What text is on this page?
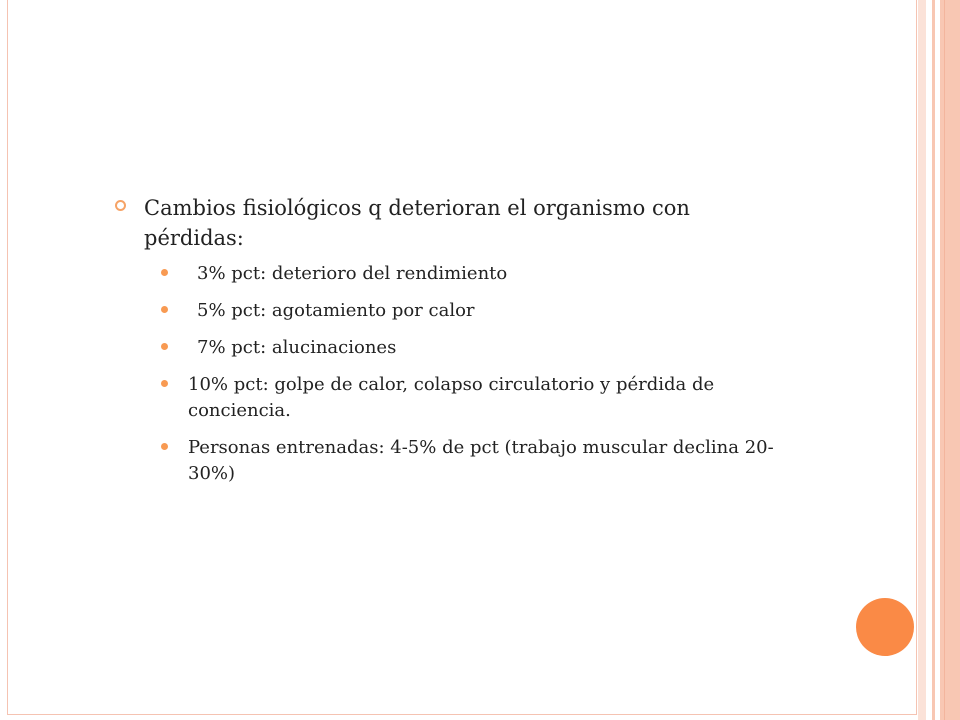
Cambios fisiológicos q deterioran el organismo con pérdidas:
3% pct: deterioro del rendimiento
5% pct: agotamiento por calor
7% pct: alucinaciones
10% pct: golpe de calor, colapso circulatorio y pérdida de conciencia.
Personas entrenadas: 4-5% de pct (trabajo muscular declina 20-30%)
